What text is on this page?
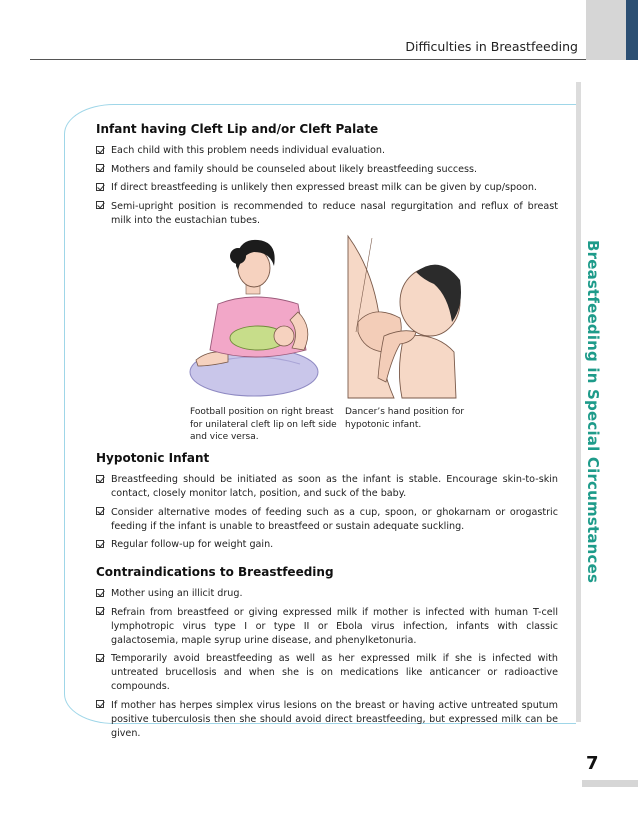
Difficulties in Breastfeeding
Breastfeeding in Special Circumstances
Infant having Cleft Lip and/or Cleft Palate
Each child with this problem needs individual evaluation.
Mothers and family should be counseled about likely breastfeeding success.
If direct breastfeeding is unlikely then expressed breast milk can be given by cup/spoon.
Semi-upright position is recommended to reduce nasal regurgitation and reflux of breast milk into the eustachian tubes.
Football position on right breast for unilateral cleft lip on left side and vice versa.
Dancer’s hand position for hypotonic infant.
Hypotonic Infant
Breastfeeding should be initiated as soon as the infant is stable. Encourage skin-to-skin contact, closely monitor latch, position, and suck of the baby.
Consider alternative modes of feeding such as a cup, spoon, or ghokarnam or orogastric feeding if the infant is unable to breastfeed or sustain adequate suckling.
Regular follow-up for weight gain.
Contraindications to Breastfeeding
Mother using an illicit drug.
Refrain from breastfeed or giving expressed milk if mother is infected with human T-cell lymphotropic virus type I or type II or Ebola virus infection, infants with classic galactosemia, maple syrup urine disease, and phenylketonuria.
Temporarily avoid breastfeeding as well as her expressed milk if she is infected with untreated brucellosis and when she is on medications like anticancer or radioactive compounds.
If mother has herpes simplex virus lesions on the breast or having active untreated sputum positive tuberculosis then she should avoid direct breastfeeding, but expressed milk can be given.
7
